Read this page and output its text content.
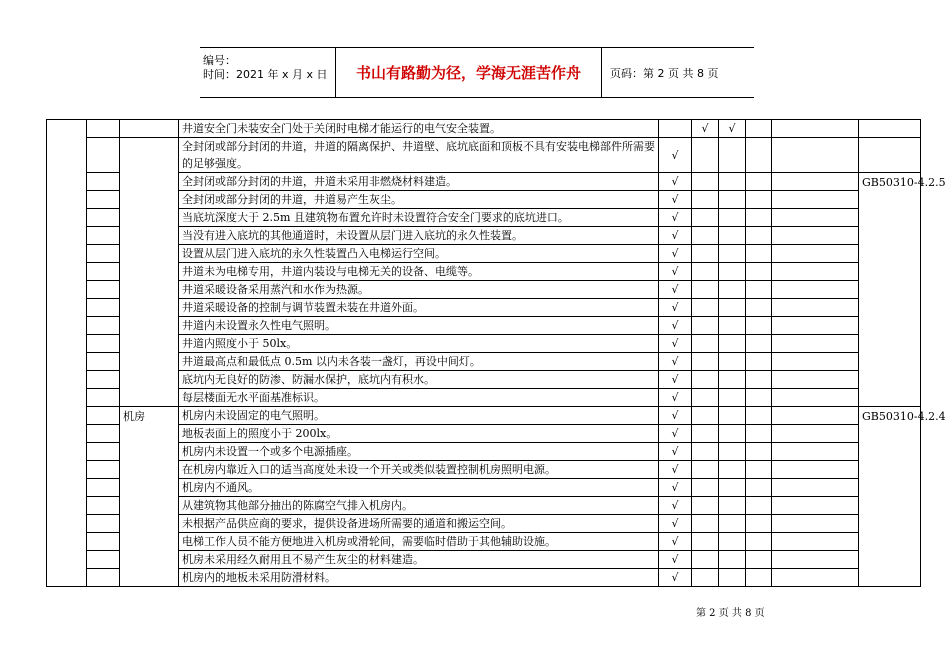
编号：
时间：2021 年 x 月 x 日	书山有路勤为径，学海无涯苦作舟	页码：第 2 页 共 8 页
			井道安全门未装安全门处于关闭时电梯才能运行的电气安全装置。		√	√				
			全封闭或部分封闭的井道，井道的隔离保护、井道壁、底坑底面和顶板不具有安装电梯部件所需要的足够强度。	√						
			全封闭或部分封闭的井道，井道未采用非燃烧材料建造。	√					GB50310-4.2.5	
			全封闭或部分封闭的井道，井道易产生灰尘。	√						
			当底坑深度大于 2.5m 且建筑物布置允许时未设置符合安全门要求的底坑进口。	√						
			当没有进入底坑的其他通道时，未设置从层门进入底坑的永久性装置。	√						
			设置从层门进入底坑的永久性装置凸入电梯运行空间。	√						
			井道未为电梯专用，井道内装设与电梯无关的设备、电缆等。	√						
			井道采暖设备采用蒸汽和水作为热源。	√						
			井道采暖设备的控制与调节装置未装在井道外面。	√						
			井道内未设置永久性电气照明。	√						
			井道内照度小于 50lx。	√						
			井道最高点和最低点 0.5m 以内未各装一盏灯，再设中间灯。	√						
			底坑内无良好的防渗、防漏水保护，底坑内有积水。	√						
			每层楼面无水平面基准标识。	√						
		机房	机房内未设固定的电气照明。	√					GB50310-4.2.4	
			地板表面上的照度小于 200lx。	√						
			机房内未设置一个或多个电源插座。	√						
			在机房内靠近入口的适当高度处未设一个开关或类似装置控制机房照明电源。	√						
			机房内不通风。	√						
			从建筑物其他部分抽出的陈腐空气排入机房内。	√						
			未根据产品供应商的要求，提供设备进场所需要的通道和搬运空间。	√						
			电梯工作人员不能方便地进入机房或滑轮间，需要临时借助于其他辅助设施。	√						
			机房未采用经久耐用且不易产生灰尘的材料建造。	√						
			机房内的地板未采用防滑材料。	√						
第 2 页 共 8 页
